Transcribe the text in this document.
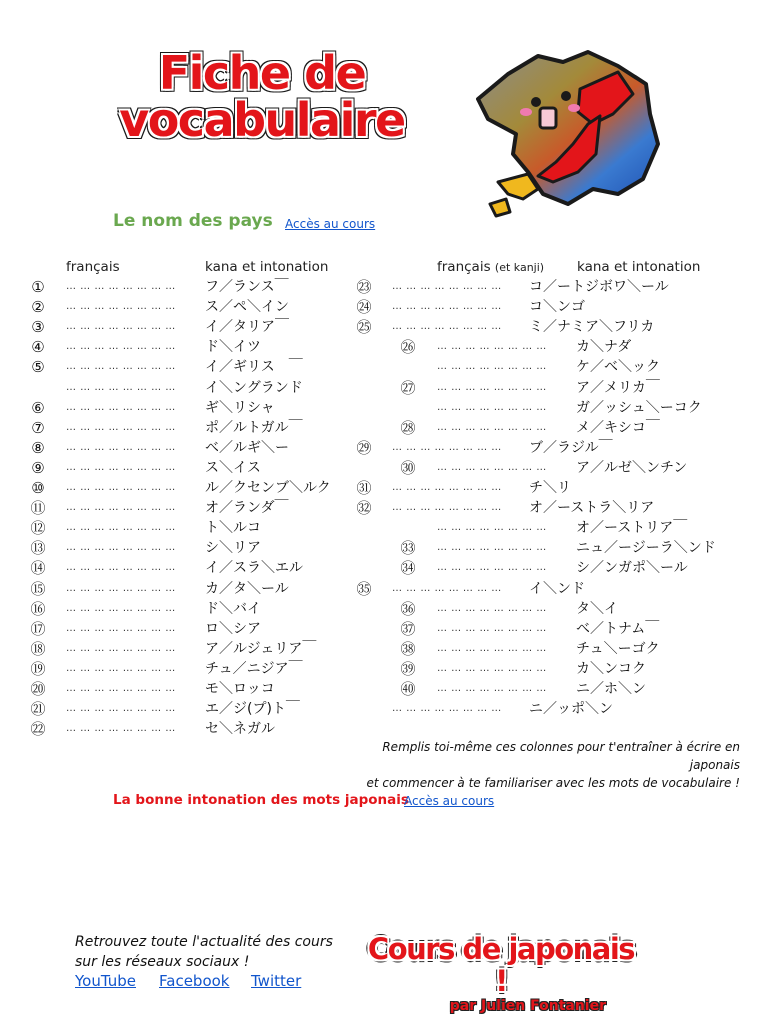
Fiche de
vocabulaire
Le nom des pays Accès au cours
français	kana et intonation	français (et kanji) kana et intonation
① … … … … … … … … フ／ランス￣
② … … … … … … … … ス／ペ＼イン
③ … … … … … … … … イ／タリア￣
④ … … … … … … … … ド＼イツ
⑤ … … … … … … … … イ／ギリス　￣
… … … … … … … … イ＼ングランド
⑥ … … … … … … … … ギ＼リシャ
⑦ … … … … … … … … ポ／ルトガル￣
⑧ … … … … … … … … ベ／ルギ＼ー
⑨ … … … … … … … … ス＼イス
⑩ … … … … … … … … ル／クセンブ＼ルク
⑪ … … … … … … … … オ／ランダ￣
⑫ … … … … … … … … ト＼ルコ
⑬ … … … … … … … … シ＼リア
⑭ … … … … … … … … イ／スラ＼エル
⑮ … … … … … … … … カ／タ＼ール
⑯ … … … … … … … … ド＼バイ
⑰ … … … … … … … … ロ＼シア
⑱ … … … … … … … … ア／ルジェリア￣
⑲ … … … … … … … … チュ／ニジア￣
⑳ … … … … … … … … モ＼ロッコ
㉑ … … … … … … … … エ／ジ(プ)ト￣
㉒ … … … … … … … … セ＼ネガル
㉓ … … … … … … … … コ／ートジボワ＼ール
㉔ … … … … … … … … コ＼ンゴ
㉕ … … … … … … … … ミ／ナミア＼フリカ
㉖ … … … … … … … … カ＼ナダ
… … … … … … … … ケ／ベ＼ック
㉗ … … … … … … … … ア／メリカ￣
… … … … … … … … ガ／ッシュ＼ーコク
㉘ … … … … … … … … メ／キシコ￣
㉙ … … … … … … … … ブ／ラジル￣
㉚ … … … … … … … … ア／ルゼ＼ンチン
㉛ … … … … … … … … チ＼リ
㉜ … … … … … … … … オ／ーストラ＼リア
… … … … … … … … オ／ーストリア￣
㉝ … … … … … … … … ニュ／ージーラ＼ンド
㉞ … … … … … … … … シ／ンガポ＼ール
㉟ … … … … … … … … イ＼ンド
㊱ … … … … … … … … タ＼イ
㊲ … … … … … … … … ベ／トナム￣
㊳ … … … … … … … … チュ＼ーゴク
㊴ … … … … … … … … カ＼ンコク
㊵ … … … … … … … … ニ／ホ＼ン
… … … … … … … … ニ／ッポ＼ン
Remplis toi-même ces colonnes pour t'entraîner à écrire en japonais
et commencer à te familiariser avec les mots de vocabulaire !
La bonne intonation des mots japonais
Accès au cours
Retrouvez toute l'actualité des cours
sur les réseaux sociaux !
YouTube Facebook Twitter
Cours de japonais !
par Julien Fontanier
